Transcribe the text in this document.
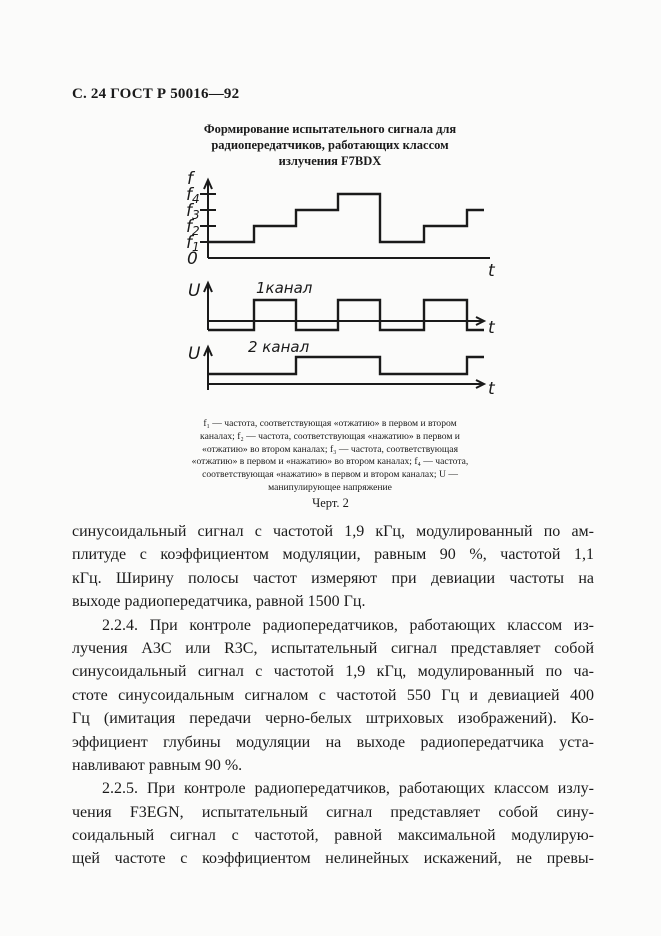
С. 24 ГОСТ Р 50016—92
Формирование испытательного сигнала для
радиопередатчиков, работающих классом
излучения F7BDX
f
f4
f3
f2
f1
0
t
U	1канал
t
U	2 канал
t
f₁ — частота, соответствующая «отжатию» в первом и втором
каналах; f₂ — частота, соответствующая «нажатию» в первом и
«отжатию» во втором каналах; f₃ — частота, соответствующая
«отжатию» в первом и «нажатию» во втором каналах; f₄ — частота,
соответствующая «нажатию» в первом и втором каналах; U —
манипулирующее напряжение
Черт. 2
синусоидальный сигнал с частотой 1,9 кГц, модулированный по ам-
плитуде с коэффициентом модуляции, равным 90 %, частотой 1,1
кГц. Ширину полосы частот измеряют при девиации частоты на
выходе радиопередатчика, равной 1500 Гц.
2.2.4. При контроле радиопередатчиков, работающих классом из-
лучения А3С или R3C, испытательный сигнал представляет собой
синусоидальный сигнал с частотой 1,9 кГц, модулированный по ча-
стоте синусоидальным сигналом с частотой 550 Гц и девиацией 400
Гц (имитация передачи черно-белых штриховых изображений). Ко-
эффициент глубины модуляции на выходе радиопередатчика уста-
навливают равным 90 %.
2.2.5. При контроле радиопередатчиков, работающих классом излу-
чения F3EGN, испытательный сигнал представляет собой сину-
соидальный сигнал с частотой, равной максимальной модулирую-
щей частоте с коэффициентом нелинейных искажений, не превы-
